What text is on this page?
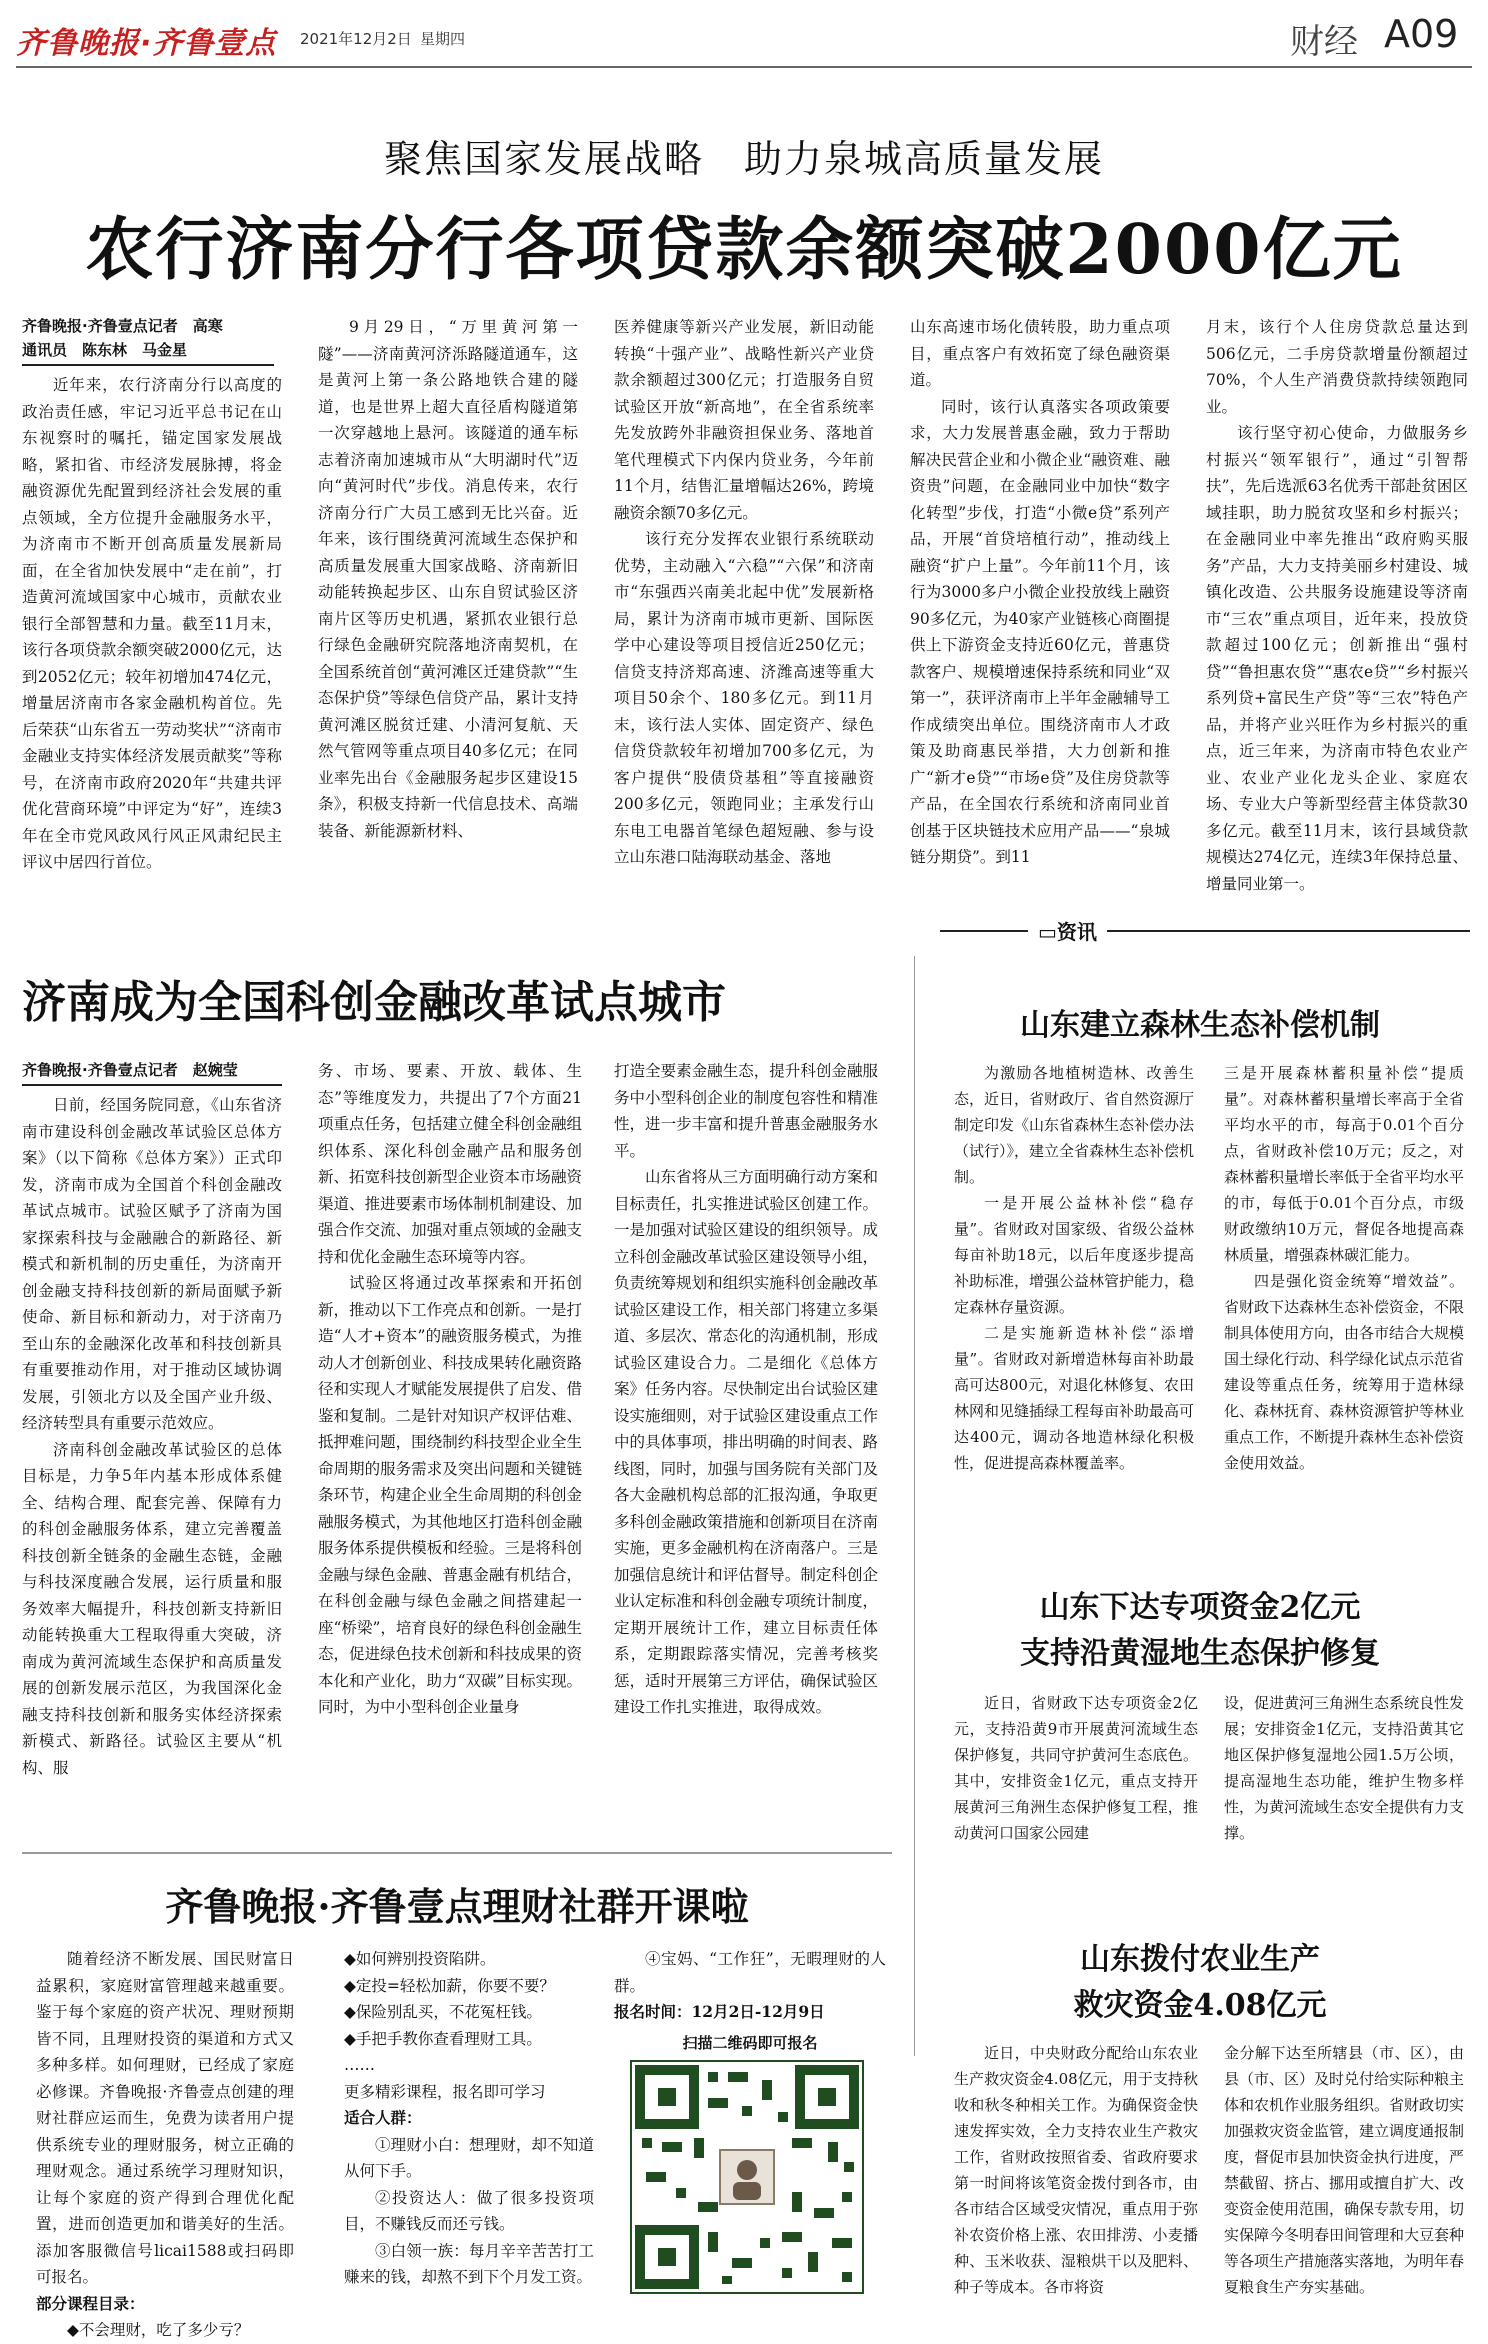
齐鲁晚报·齐鲁壹点 2021年12月2日 星期四	财经 A09
聚焦国家发展战略　助力泉城高质量发展
农行济南分行各项贷款余额突破2000亿元
齐鲁晚报·齐鲁壹点记者　高寒
通讯员　陈东林　马金星

近年来，农行济南分行以高度的政治责任感，牢记习近平总书记在山东视察时的嘱托，锚定国家发展战略，紧扣省、市经济发展脉搏，将金融资源优先配置到经济社会发展的重点领域，全方位提升金融服务水平，为济南市不断开创高质量发展新局面，在全省加快发展中“走在前”，打造黄河流域国家中心城市，贡献农业银行全部智慧和力量。截至11月末，该行各项贷款余额突破2000亿元，达到2052亿元；较年初增加474亿元，增量居济南市各家金融机构首位。先后荣获“山东省五一劳动奖状”“济南市金融业支持实体经济发展贡献奖”等称号，在济南市政府2020年“共建共评优化营商环境”中评定为“好”，连续3年在全市党风政风行风正风肃纪民主评议中居四行首位。

9月29日，“万里黄河第一隧”——济南黄河济泺路隧道通车，这是黄河上第一条公路地铁合建的隧道，也是世界上超大直径盾构隧道第一次穿越地上悬河。该隧道的通车标志着济南加速城市从“大明湖时代”迈向“黄河时代”步伐。消息传来，农行济南分行广大员工感到无比兴奋。近年来，该行围绕黄河流域生态保护和高质量发展重大国家战略、济南新旧动能转换起步区、山东自贸试验区济南片区等历史机遇，紧抓农业银行总行绿色金融研究院落地济南契机，在全国系统首创“黄河滩区迁建贷款”“生态保护贷”等绿色信贷产品，累计支持黄河滩区脱贫迁建、小清河复航、天然气管网等重点项目40多亿元；在同业率先出台《金融服务起步区建设15条》，积极支持新一代信息技术、高端装备、新能源新材料、

医养健康等新兴产业发展，新旧动能转换“十强产业”、战略性新兴产业贷款余额超过300亿元；打造服务自贸试验区开放“新高地”，在全省系统率先发放跨外非融资担保业务、落地首笔代理模式下内保内贷业务，今年前11个月，结售汇量增幅达26%，跨境融资余额70多亿元。

该行充分发挥农业银行系统联动优势，主动融入“六稳”“六保”和济南市“东强西兴南美北起中优”发展新格局，累计为济南市城市更新、国际医学中心建设等项目授信近250亿元；信贷支持济郑高速、济潍高速等重大项目50余个、180多亿元。到11月末，该行法人实体、固定资产、绿色信贷贷款较年初增加700多亿元，为客户提供“股债贷基租”等直接融资200多亿元，领跑同业；主承发行山东电工电器首笔绿色超短融、参与设立山东港口陆海联动基金、落地

山东高速市场化债转股，助力重点项目，重点客户有效拓宽了绿色融资渠道。

同时，该行认真落实各项政策要求，大力发展普惠金融，致力于帮助解决民营企业和小微企业“融资难、融资贵”问题，在金融同业中加快“数字化转型”步伐，打造“小微e贷”系列产品，开展“首贷培植行动”，推动线上融资“扩户上量”。今年前11个月，该行为3000多户小微企业投放线上融资90多亿元，为40家产业链核心商圈提供上下游资金支持近60亿元，普惠贷款客户、规模增速保持系统和同业“双第一”，获评济南市上半年金融辅导工作成绩突出单位。围绕济南市人才政策及助商惠民举措，大力创新和推广“新才e贷”“市场e贷”及住房贷款等产品，在全国农行系统和济南同业首创基于区块链技术应用产品——“泉城链分期贷”。到11

月末，该行个人住房贷款总量达到506亿元，二手房贷款增量份额超过70%，个人生产消费贷款持续领跑同业。

该行坚守初心使命，力做服务乡村振兴“领军银行”，通过“引智帮扶”，先后选派63名优秀干部赴贫困区域挂职，助力脱贫攻坚和乡村振兴；在金融同业中率先推出“政府购买服务”产品，大力支持美丽乡村建设、城镇化改造、公共服务设施建设等济南市“三农”重点项目，近年来，投放贷款超过100亿元；创新推出“强村贷”“鲁担惠农贷”“惠农e贷”“乡村振兴系列贷+富民生产贷”等“三农”特色产品，并将产业兴旺作为乡村振兴的重点，近三年来，为济南市特色农业产业、农业产业化龙头企业、家庭农场、专业大户等新型经营主体贷款30多亿元。截至11月末，该行县域贷款规模达274亿元，连续3年保持总量、增量同业第一。

▭资讯
济南成为全国科创金融改革试点城市
齐鲁晚报·齐鲁壹点记者　赵婉莹

日前，经国务院同意，《山东省济南市建设科创金融改革试验区总体方案》（以下简称《总体方案》）正式印发，济南市成为全国首个科创金融改革试点城市。试验区赋予了济南为国家探索科技与金融融合的新路径、新模式和新机制的历史重任，为济南开创金融支持科技创新的新局面赋予新使命、新目标和新动力，对于济南乃至山东的金融深化改革和科技创新具有重要推动作用，对于推动区域协调发展，引领北方以及全国产业升级、经济转型具有重要示范效应。

济南科创金融改革试验区的总体目标是，力争5年内基本形成体系健全、结构合理、配套完善、保障有力的科创金融服务体系，建立完善覆盖科技创新全链条的金融生态链，金融与科技深度融合发展，运行质量和服务效率大幅提升，科技创新支持新旧动能转换重大工程取得重大突破，济南成为黄河流域生态保护和高质量发展的创新发展示范区，为我国深化金融支持科技创新和服务实体经济探索新模式、新路径。试验区主要从“机构、服

务、市场、要素、开放、载体、生态”等维度发力，共提出了7个方面21项重点任务，包括建立健全科创金融组织体系、深化科创金融产品和服务创新、拓宽科技创新型企业资本市场融资渠道、推进要素市场体制机制建设、加强合作交流、加强对重点领域的金融支持和优化金融生态环境等内容。

试验区将通过改革探索和开拓创新，推动以下工作亮点和创新。一是打造“人才+资本”的融资服务模式，为推动人才创新创业、科技成果转化融资路径和实现人才赋能发展提供了启发、借鉴和复制。二是针对知识产权评估难、抵押难问题，围绕制约科技型企业全生命周期的服务需求及突出问题和关键链条环节，构建企业全生命周期的科创金融服务模式，为其他地区打造科创金融服务体系提供模板和经验。三是将科创金融与绿色金融、普惠金融有机结合，在科创金融与绿色金融之间搭建起一座“桥梁”，培育良好的绿色科创金融生态，促进绿色技术创新和科技成果的资本化和产业化，助力“双碳”目标实现。同时，为中小型科创企业量身

打造全要素金融生态，提升科创金融服务中小型科创企业的制度包容性和精准性，进一步丰富和提升普惠金融服务水平。

山东省将从三方面明确行动方案和目标责任，扎实推进试验区创建工作。一是加强对试验区建设的组织领导。成立科创金融改革试验区建设领导小组，负责统筹规划和组织实施科创金融改革试验区建设工作，相关部门将建立多渠道、多层次、常态化的沟通机制，形成试验区建设合力。二是细化《总体方案》任务内容。尽快制定出台试验区建设实施细则，对于试验区建设重点工作中的具体事项，排出明确的时间表、路线图，同时，加强与国务院有关部门及各大金融机构总部的汇报沟通，争取更多科创金融政策措施和创新项目在济南实施，更多金融机构在济南落户。三是加强信息统计和评估督导。制定科创企业认定标准和科创金融专项统计制度，定期开展统计工作，建立目标责任体系，定期跟踪落实情况，完善考核奖惩，适时开展第三方评估，确保试验区建设工作扎实推进，取得成效。

山东建立森林生态补偿机制

为激励各地植树造林、改善生态，近日，省财政厅、省自然资源厅制定印发《山东省森林生态补偿办法（试行）》，建立全省森林生态补偿机制。

一是开展公益林补偿“稳存量”。省财政对国家级、省级公益林每亩补助18元，以后年度逐步提高补助标准，增强公益林管护能力，稳定森林存量资源。

二是实施新造林补偿“添增量”。省财政对新增造林每亩补助最高可达800元，对退化林修复、农田林网和见缝插绿工程每亩补助最高可达400元，调动各地造林绿化积极性，促进提高森林覆盖率。

三是开展森林蓄积量补偿“提质量”。对森林蓄积量增长率高于全省平均水平的市，每高于0.01个百分点，省财政补偿10万元；反之，对森林蓄积量增长率低于全省平均水平的市，每低于0.01个百分点，市级财政缴纳10万元，督促各地提高森林质量，增强森林碳汇能力。

四是强化资金统筹“增效益”。省财政下达森林生态补偿资金，不限制具体使用方向，由各市结合大规模国土绿化行动、科学绿化试点示范省建设等重点任务，统筹用于造林绿化、森林抚育、森林资源管护等林业重点工作，不断提升森林生态补偿资金使用效益。

山东下达专项资金2亿元
支持沿黄湿地生态保护修复

近日，省财政下达专项资金2亿元，支持沿黄9市开展黄河流域生态保护修复，共同守护黄河生态底色。其中，安排资金1亿元，重点支持开展黄河三角洲生态保护修复工程，推动黄河口国家公园建

设，促进黄河三角洲生态系统良性发展；安排资金1亿元，支持沿黄其它地区保护修复湿地公园1.5万公顷，提高湿地生态功能，维护生物多样性，为黄河流域生态安全提供有力支撑。

齐鲁晚报·齐鲁壹点理财社群开课啦

随着经济不断发展、国民财富日益累积，家庭财富管理越来越重要。鉴于每个家庭的资产状况、理财预期皆不同，且理财投资的渠道和方式又多种多样。如何理财，已经成了家庭必修课。齐鲁晚报·齐鲁壹点创建的理财社群应运而生，免费为读者用户提供系统专业的理财服务，树立正确的理财观念。通过系统学习理财知识，让每个家庭的资产得到合理优化配置，进而创造更加和谐美好的生活。添加客服微信号licai1588或扫码即可报名。

部分课程目录：

◆不会理财，吃了多少亏？

◆如何辨别投资陷阱。

◆定投=轻松加薪，你要不要？

◆保险别乱买，不花冤枉钱。

◆手把手教你查看理财工具。

……

更多精彩课程，报名即可学习

适合人群：

①理财小白：想理财，却不知道从何下手。

②投资达人：做了很多投资项目，不赚钱反而还亏钱。

③白领一族：每月辛辛苦苦打工赚来的钱，却熬不到下个月发工资。

④宝妈、“工作狂”，无暇理财的人群。

报名时间：12月2日-12月9日

扫描二维码即可报名
山东拨付农业生产
救灾资金4.08亿元

近日，中央财政分配给山东农业生产救灾资金4.08亿元，用于支持秋收和秋冬种相关工作。为确保资金快速发挥实效，全力支持农业生产救灾工作，省财政按照省委、省政府要求第一时间将该笔资金拨付到各市，由各市结合区域受灾情况，重点用于弥补农资价格上涨、农田排涝、小麦播种、玉米收获、湿粮烘干以及肥料、种子等成本。各市将资

金分解下达至所辖县（市、区），由县（市、区）及时兑付给实际种粮主体和农机作业服务组织。省财政切实加强救灾资金监管，建立调度通报制度，督促市县加快资金执行进度，严禁截留、挤占、挪用或擅自扩大、改变资金使用范围，确保专款专用，切实保障今冬明春田间管理和大豆套种等各项生产措施落实落地，为明年春夏粮食生产夯实基础。
